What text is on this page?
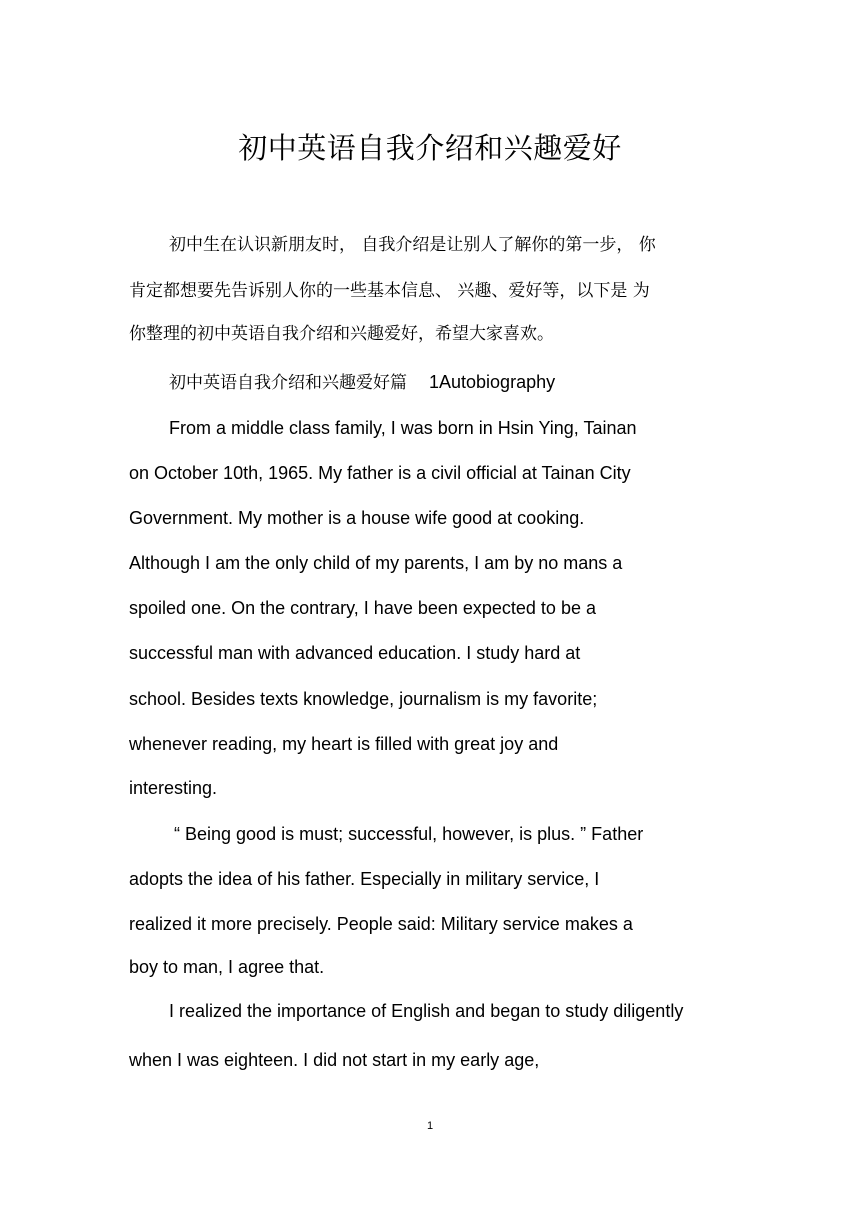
初中英语自我介绍和兴趣爱好

初中生在认识新朋友时， 自我介绍是让别人了解你的第一步， 你

肯定都想要先告诉别人你的一些基本信息、 兴趣、爱好等，以下是 为

你整理的初中英语自我介绍和兴趣爱好，希望大家喜欢。

初中英语自我介绍和兴趣爱好篇 1Autobiography

From a middle class family, I was born in Hsin Ying, Tainan

on October 10th, 1965. My father is a civil official at Tainan City

Government. My mother is a house wife good at cooking.

Although I am the only child of my parents, I am by no mans a

spoiled one. On the contrary, I have been expected to be a

successful man with advanced education. I study hard at

school. Besides texts knowledge, journalism is my favorite;

whenever reading, my heart is filled with great joy and

interesting.

“ Being good is must; successful, however, is plus. ” Father

adopts the idea of his father. Especially in military service, I

realized it more precisely. People said: Military service makes a

boy to man, I agree that.

I realized the importance of English and began to study diligently

when I was eighteen. I did not start in my early age,

1
